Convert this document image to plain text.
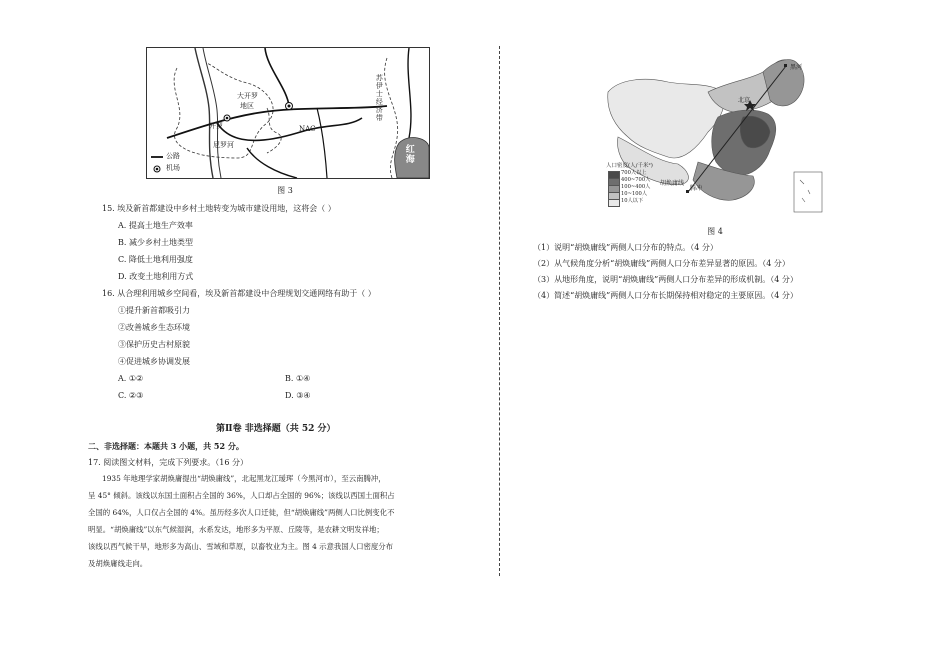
大开罗
地区
开罗
尼罗河
NAC
苏伊士经济带
红海
公路
机场
图 3
15. 埃及新首都建设中乡村土地转变为城市建设用地，这将会（ ）
A. 提高土地生产效率
B. 减少乡村土地类型
C. 降低土地利用强度
D. 改变土地利用方式
16. 从合理利用城乡空间看，埃及新首都建设中合理规划交通网络有助于（ ）
①提升新首都吸引力
②改善城乡生态环境
③保护历史古村原貌
④促进城乡协调发展
A. ①②	B. ①④
C. ②③	D. ③④
第Ⅱ卷 非选择题（共 52 分）
二、非选择题：本题共 3 小题，共 52 分。
17. 阅读图文材料，完成下列要求。（16 分）
1935 年地理学家胡焕庸提出“胡焕庸线”，北起黑龙江瑷珲（今黑河市），至云南腾冲，
呈 45° 倾斜。该线以东国土面积占全国的 36%，人口却占全国的 96%；该线以西国土面积占
全国的 64%，人口仅占全国的 4%。虽历经多次人口迁徙，但“胡焕庸线”两侧人口比例变化不
明显。“胡焕庸线”以东气候湿润，水系发达，地形多为平原、丘陵等，是农耕文明发祥地；
该线以西气候干旱，地形多为高山、雪域和草原，以畜牧业为主。图 4 示意我国人口密度分布
及胡焕庸线走向。
黑河
北京
腾冲
胡焕庸线
人口密度(人/千米²)
700人以上
400~700人
100~400人
10~100人
10人以下
图 4
（1）说明“胡焕庸线”两侧人口分布的特点。（4 分）
（2）从气候角度分析“胡焕庸线”两侧人口分布差异显著的原因。（4 分）
（3）从地形角度，说明“胡焕庸线”两侧人口分布差异的形成机制。（4 分）
（4）简述“胡焕庸线”两侧人口分布长期保持相对稳定的主要原因。（4 分）
